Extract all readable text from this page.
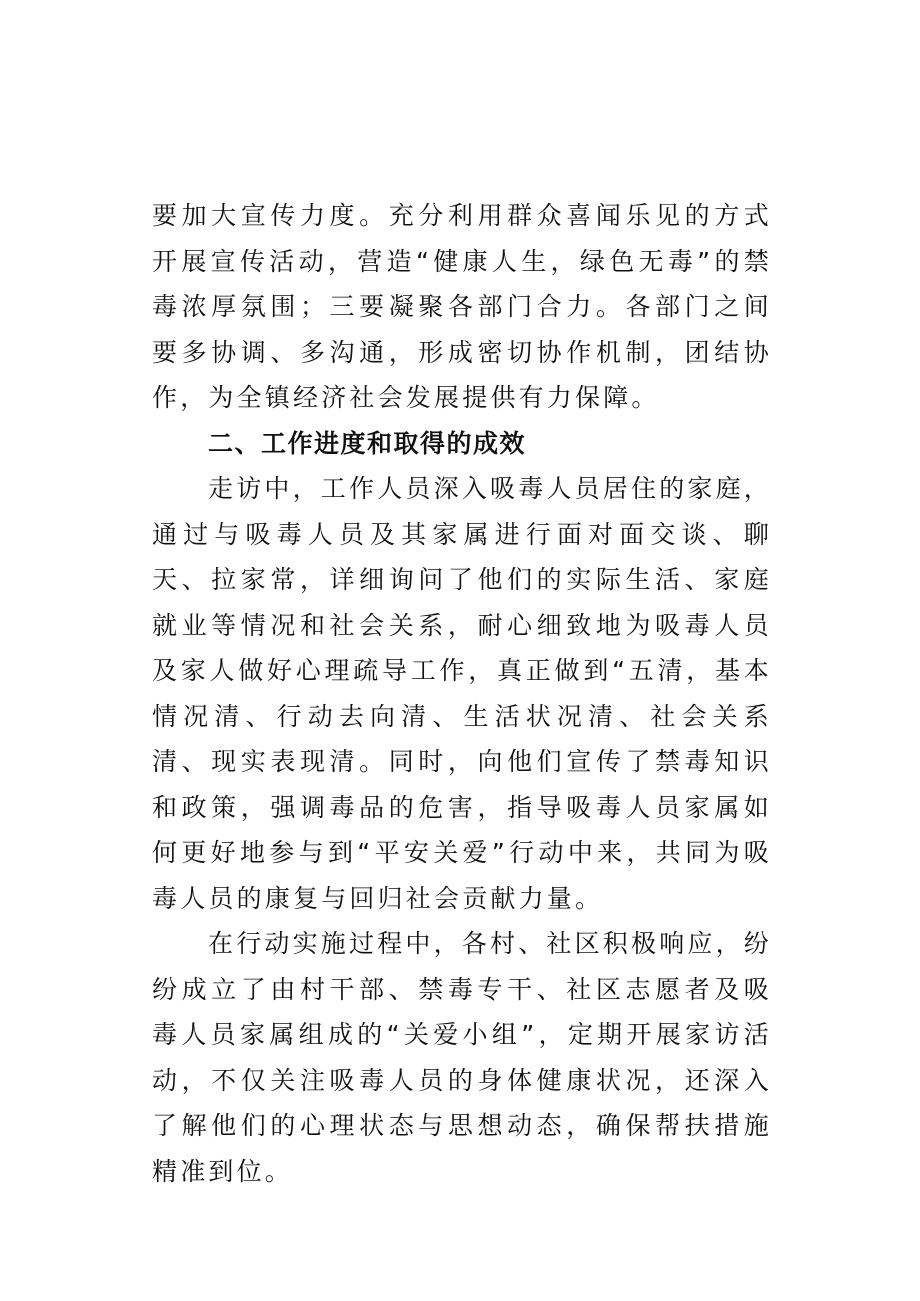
要加大宣传力度。充分利用群众喜闻乐见的方式开展宣传活动，营造“健康人生，绿色无毒”的禁毒浓厚氛围；三要凝聚各部门合力。各部门之间要多协调、多沟通，形成密切协作机制，团结协作，为全镇经济社会发展提供有力保障。

二、工作进度和取得的成效

走访中，工作人员深入吸毒人员居住的家庭，通过与吸毒人员及其家属进行面对面交谈、聊天、拉家常，详细询问了他们的实际生活、家庭就业等情况和社会关系，耐心细致地为吸毒人员及家人做好心理疏导工作，真正做到“五清，基本情况清、行动去向清、生活状况清、社会关系清、现实表现清。同时，向他们宣传了禁毒知识和政策，强调毒品的危害，指导吸毒人员家属如何更好地参与到“平安关爱”行动中来，共同为吸毒人员的康复与回归社会贡献力量。

在行动实施过程中，各村、社区积极响应，纷纷成立了由村干部、禁毒专干、社区志愿者及吸毒人员家属组成的“关爱小组”，定期开展家访活动，不仅关注吸毒人员的身体健康状况，还深入了解他们的心理状态与思想动态，确保帮扶措施精准到位。
